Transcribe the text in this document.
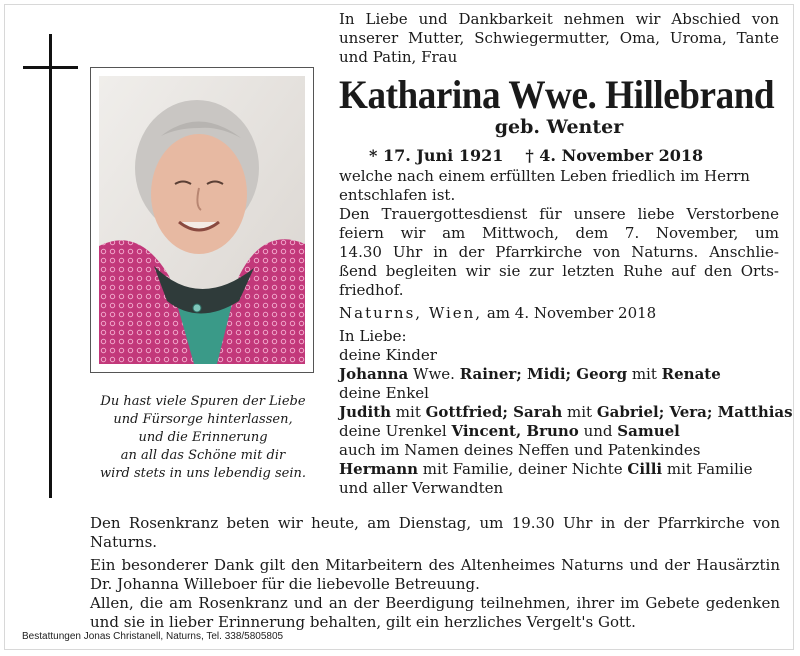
Du hast viele Spuren der Liebe
und Fürsorge hinterlassen,
und die Erinnerung
an all das Schöne mit dir
wird stets in uns lebendig sein.
In Liebe und Dankbarkeit nehmen wir Abschied von
unserer Mutter, Schwiegermutter, Oma, Uroma, Tante
und Patin, Frau
Katharina Wwe. Hillebrand
geb. Wenter
* 17. Juni 1921 † 4. November 2018
welche nach einem erfüllten Leben friedlich im Herrn
entschlafen ist.
Den Trauergottesdienst für unsere liebe Verstorbene
feiern wir am Mittwoch, dem 7. November, um
14.30 Uhr in der Pfarrkirche von Naturns. Anschlie-
ßend begleiten wir sie zur letzten Ruhe auf den Orts-
friedhof.
Naturns, Wien, am 4. November 2018
In Liebe:
deine Kinder
Johanna Wwe. Rainer; Midi; Georg mit Renate
deine Enkel
Judith mit Gottfried; Sarah mit Gabriel; Vera; Matthias
deine Urenkel Vincent, Bruno und Samuel
auch im Namen deines Neffen und Patenkindes
Hermann mit Familie, deiner Nichte Cilli mit Familie
und aller Verwandten
Den Rosenkranz beten wir heute, am Dienstag, um 19.30 Uhr in der Pfarrkirche von
Naturns.
Ein besonderer Dank gilt den Mitarbeitern des Altenheimes Naturns und der Hausärztin
Dr. Johanna Willeboer für die liebevolle Betreuung.
Allen, die am Rosenkranz und an der Beerdigung teilnehmen, ihrer im Gebete gedenken
und sie in lieber Erinnerung behalten, gilt ein herzliches Vergelt's Gott.
Bestattungen Jonas Christanell, Naturns, Tel. 338/5805805
